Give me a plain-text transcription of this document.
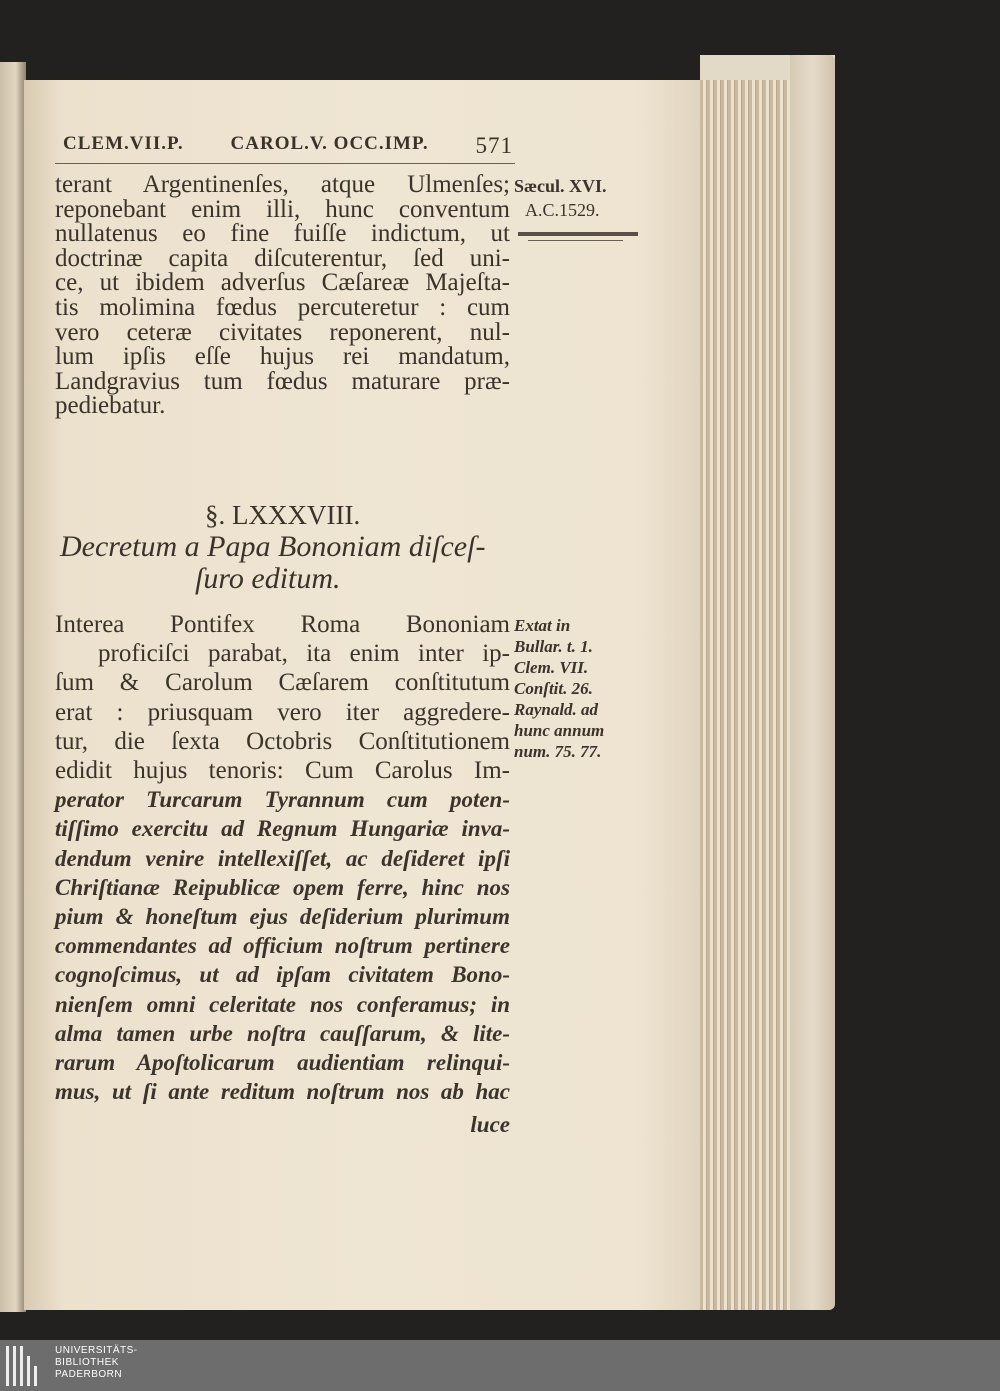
CLEM.VII.P. CAROL.V. OCC.IMP. 571
terant Argentinenſes, atque Ulmenſes;
reponebant enim illi, hunc conventum
nullatenus eo fine fuiſſe indictum, ut
doctrinæ capita diſcuterentur, ſed uni-
ce, ut ibidem adverſus Cæſareæ Majeſta-
tis molimina fœdus percuteretur : cum
vero ceteræ civitates reponerent, nul-
lum ipſis eſſe hujus rei mandatum,
Landgravius tum fœdus maturare præ-
pediebatur.
Interea Pontifex Roma Bononiam
proficiſci parabat, ita enim inter ip-
ſum & Carolum Cæſarem conſtitutum
erat : priusquam vero iter aggredere-
tur, die ſexta Octobris Conſtitutionem
edidit hujus tenoris: Cum Carolus Im-
perator Turcarum Tyrannum cum poten-
tiſſimo exercitu ad Regnum Hungariæ inva-
dendum venire intellexiſſet, ac deſideret ipſi
Chriſtianæ Reipublicæ opem ferre, hinc nos
pium & honeſtum ejus deſiderium plurimum
commendantes ad officium noſtrum pertinere
cognoſcimus, ut ad ipſam civitatem Bono-
nienſem omni celeritate nos conferamus; in
alma tamen urbe noſtra cauſſarum, & lite-
rarum Apoſtolicarum audientiam relinqui-
mus, ut ſi ante reditum noſtrum nos ab hac
Sæcul. XVI.
A.C.1529.
§. LXXXVIII.
Decretum a Papa Bononiam diſceſ-
ſuro editum.
Extat in
Bullar. t. 1.
Clem. VII.
Conſtit. 26.
Raynald. ad
hunc annum
num. 75. 77.
luce
UNIVERSITÄTS-
BIBLIOTHEK
PADERBORN
